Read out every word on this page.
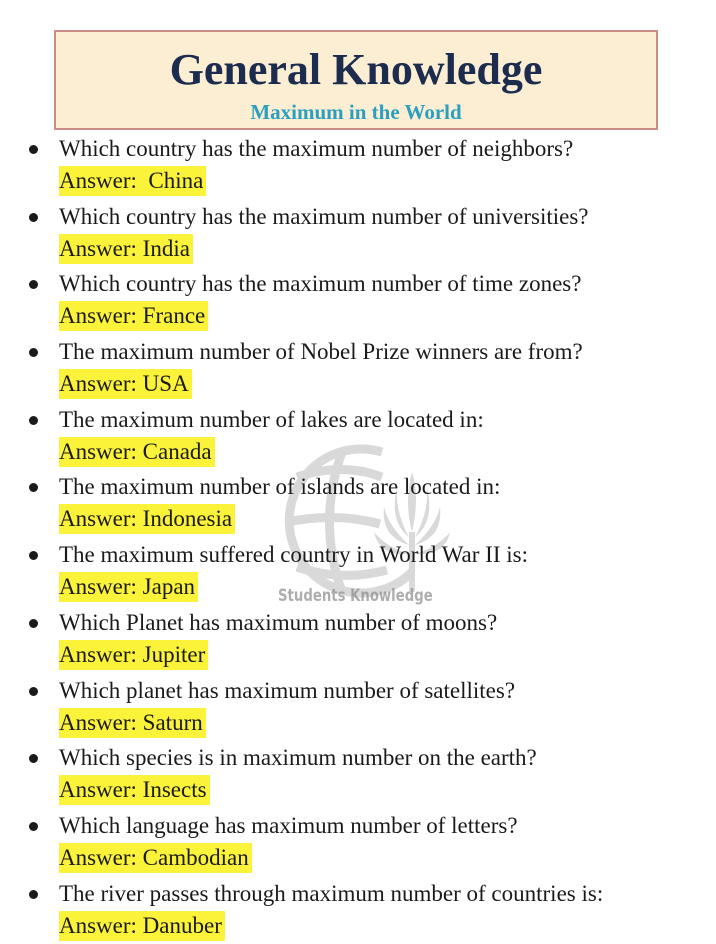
General Knowledge
Maximum in the World
Students Knowledge
Which country has the maximum number of neighbors?
Answer:  China
Which country has the maximum number of universities?
Answer: India
Which country has the maximum number of time zones?
Answer: France
The maximum number of Nobel Prize winners are from?
Answer: USA
The maximum number of lakes are located in:
Answer: Canada
The maximum number of islands are located in:
Answer: Indonesia
The maximum suffered country in World War II is:
Answer: Japan
Which Planet has maximum number of moons?
Answer: Jupiter
Which planet has maximum number of satellites?
Answer: Saturn
Which species is in maximum number on the earth?
Answer: Insects
Which language has maximum number of letters?
Answer: Cambodian
The river passes through maximum number of countries is:
Answer: Danuber
